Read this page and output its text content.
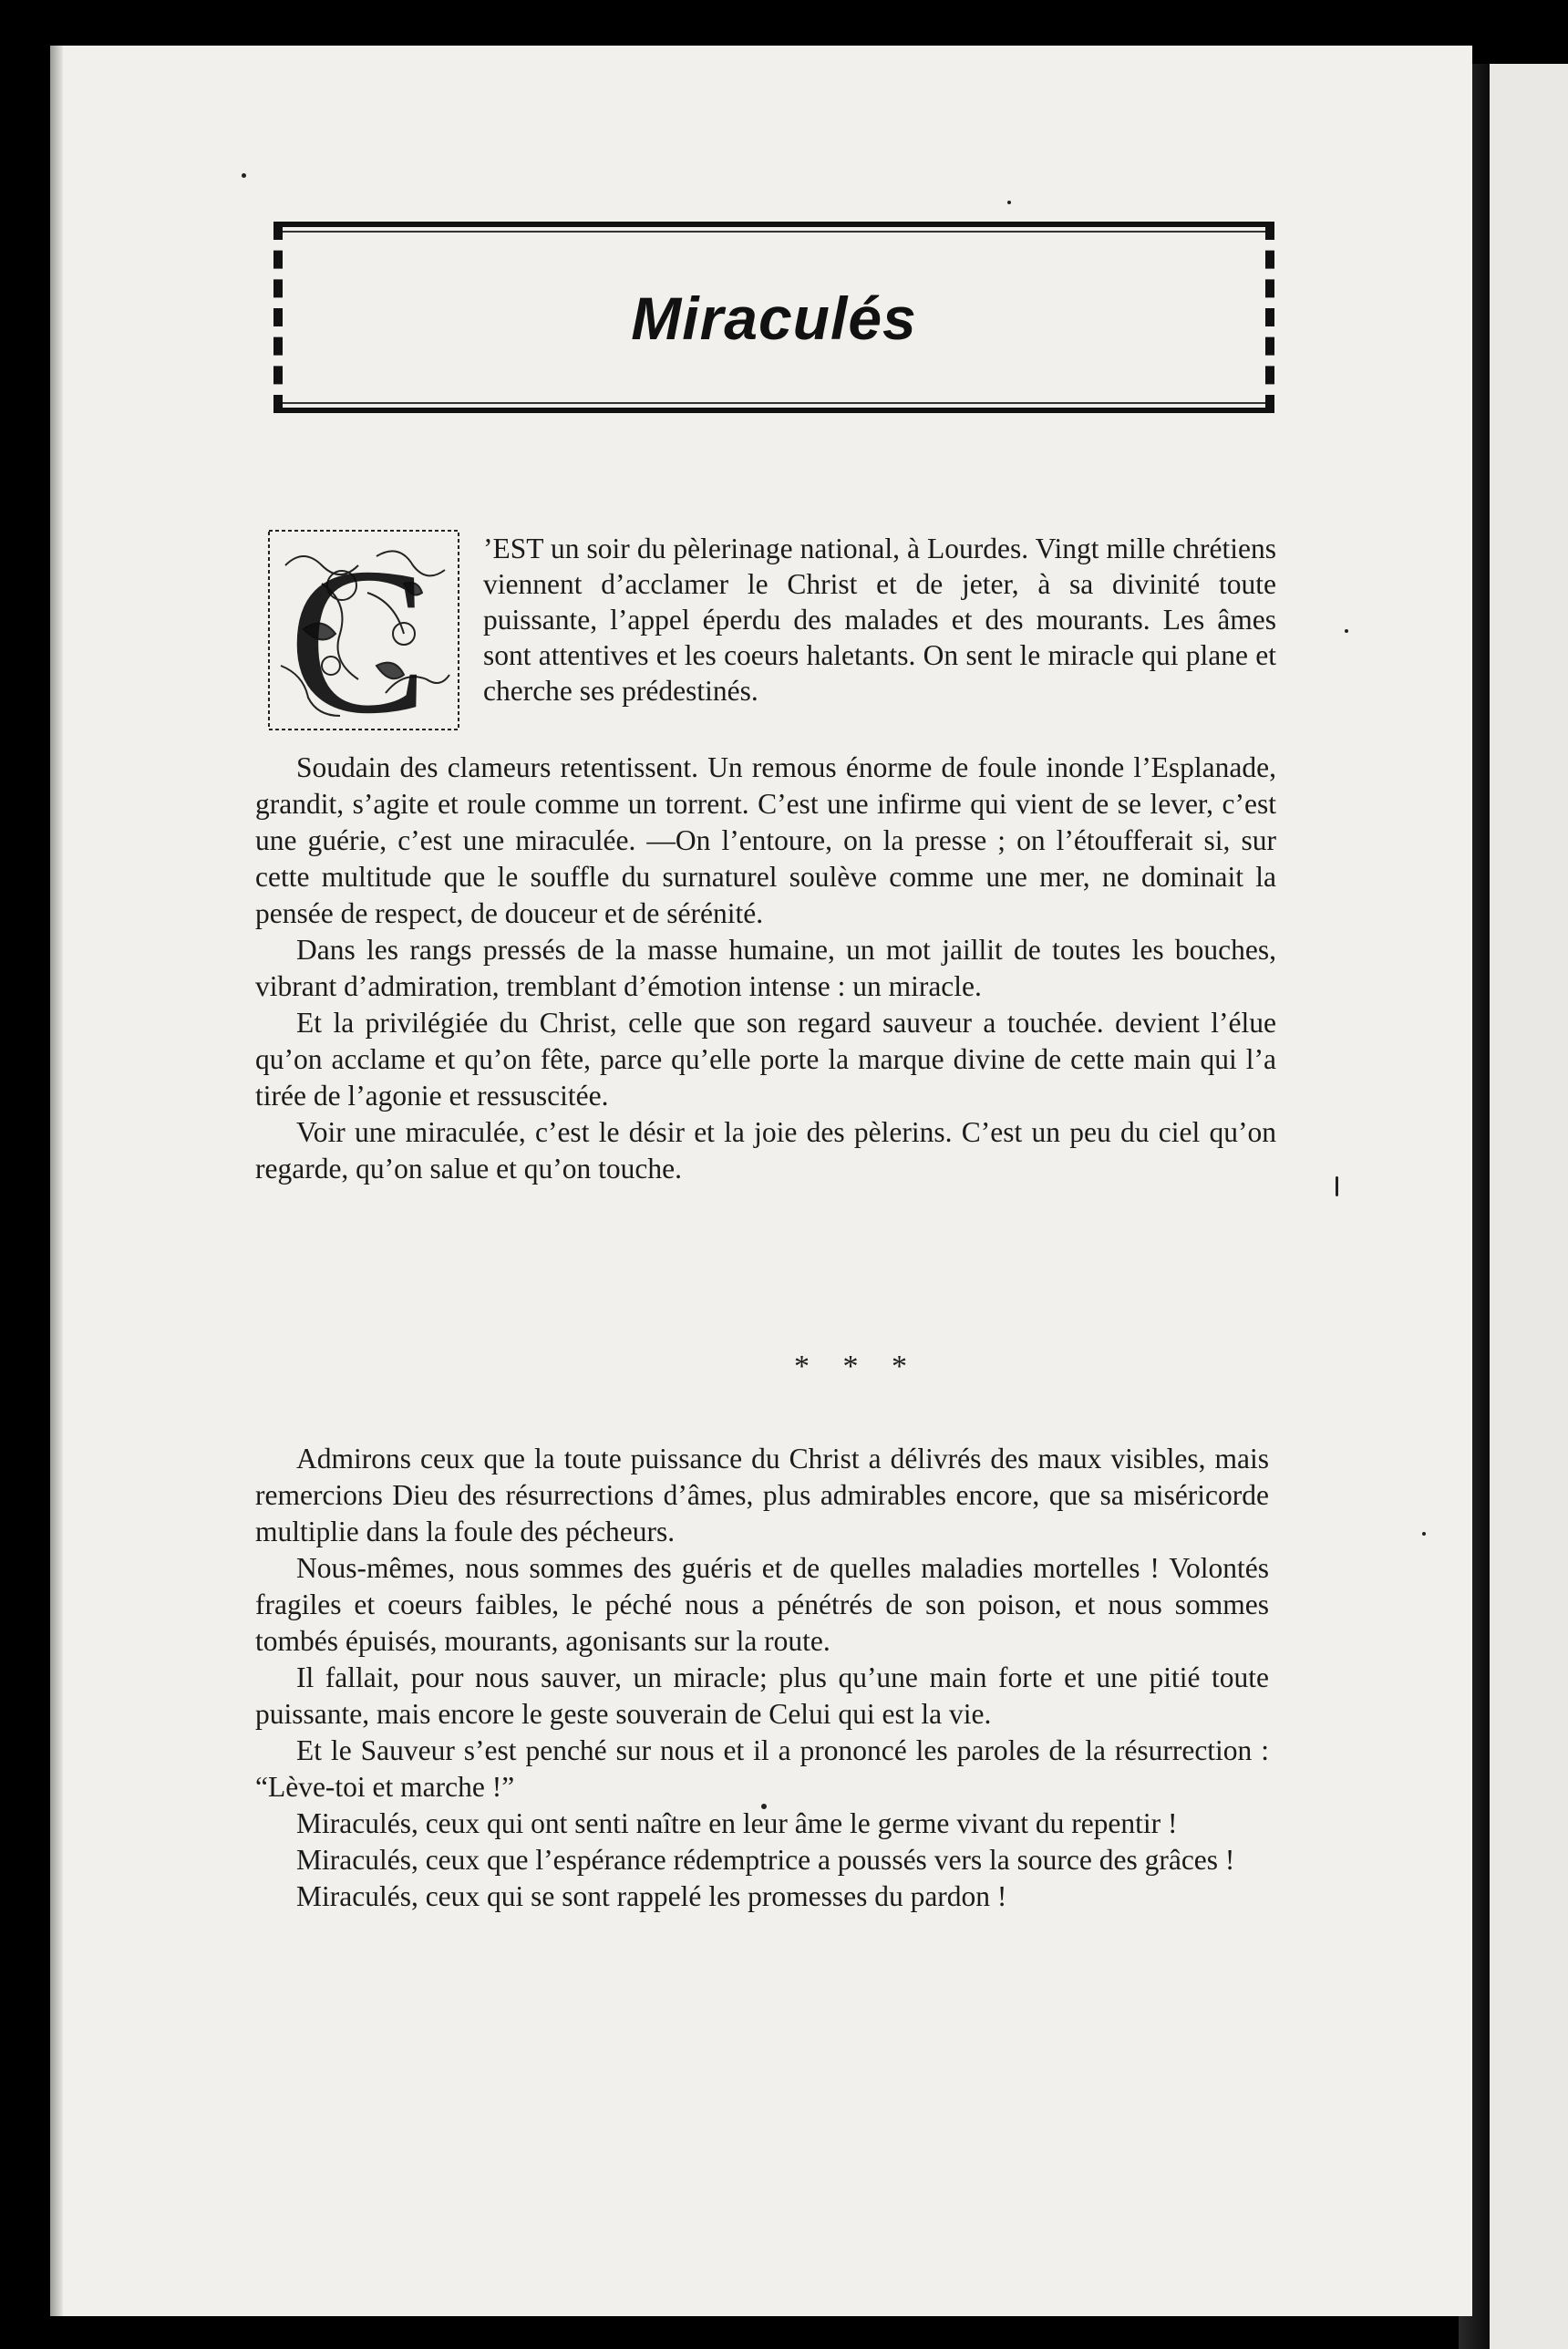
Miraculés
C ’EST un soir du pèlerinage national, à Lourdes. Vingt mille chrétiens viennent d’acclamer le Christ et de jeter, à sa divinité toute puissante, l’appel éperdu des malades et des mourants. Les âmes sont attentives et les coeurs haletants. On sent le miracle qui plane et cherche ses prédestinés.

Soudain des clameurs retentissent. Un remous énorme de foule inonde l’Esplanade, grandit, s’agite et roule comme un torrent. C’est une infirme qui vient de se lever, c’est une guérie, c’est une miraculée. —On l’entoure, on la presse ; on l’étoufferait si, sur cette multitude que le souffle du surnaturel soulève comme une mer, ne dominait la pensée de respect, de douceur et de sérénité.

Dans les rangs pressés de la masse humaine, un mot jaillit de toutes les bouches, vibrant d’admiration, tremblant d’émotion intense : un miracle.

Et la privilégiée du Christ, celle que son regard sauveur a touchée. devient l’élue qu’on acclame et qu’on fête, parce qu’elle porte la marque divine de cette main qui l’a tirée de l’agonie et ressuscitée.

Voir une miraculée, c’est le désir et la joie des pèlerins. C’est un peu du ciel qu’on regarde, qu’on salue et qu’on touche.

* * *

Admirons ceux que la toute puissance du Christ a délivrés des maux visibles, mais remercions Dieu des résurrections d’âmes, plus admirables encore, que sa miséricorde multiplie dans la foule des pécheurs.

Nous-mêmes, nous sommes des guéris et de quelles maladies mortelles ! Volontés fragiles et coeurs faibles, le péché nous a pénétrés de son poison, et nous sommes tombés épuisés, mourants, agonisants sur la route.

Il fallait, pour nous sauver, un miracle; plus qu’une main forte et une pitié toute puissante, mais encore le geste souverain de Celui qui est la vie.

Et le Sauveur s’est penché sur nous et il a prononcé les paroles de la résurrection : “Lève-toi et marche !”

Miraculés, ceux qui ont senti naître en leur âme le germe vivant du repentir !

Miraculés, ceux que l’espérance rédemptrice a poussés vers la source des grâces !

Miraculés, ceux qui se sont rappelé les promesses du pardon !
